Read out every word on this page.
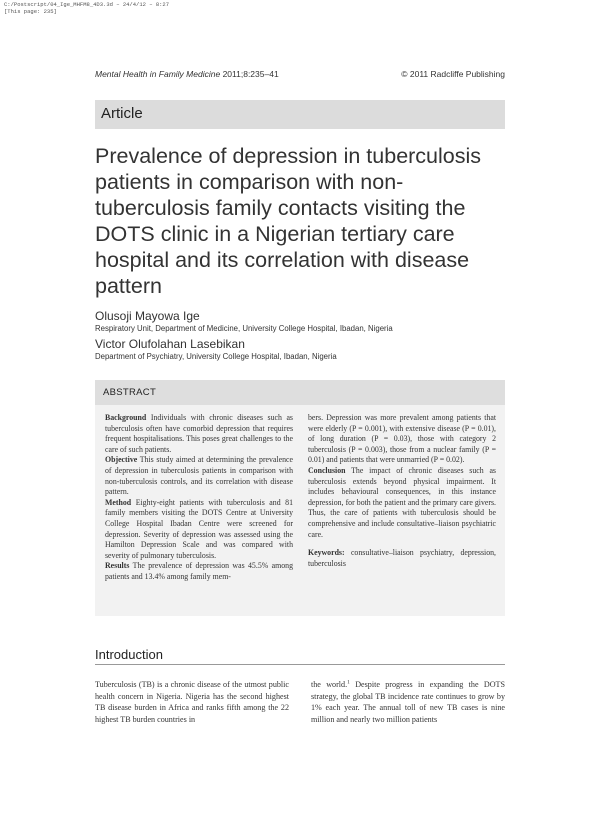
C:/Postscript/04_Ige_MHFM8_4D3.3d – 24/4/12 – 8:27
[This page: 235]
Mental Health in Family Medicine 2011;8:235–41	© 2011 Radcliffe Publishing
Article
Prevalence of depression in tuberculosis patients in comparison with non-tuberculosis family contacts visiting the DOTS clinic in a Nigerian tertiary care hospital and its correlation with disease pattern
Olusoji Mayowa Ige
Respiratory Unit, Department of Medicine, University College Hospital, Ibadan, Nigeria
Victor Olufolahan Lasebikan
Department of Psychiatry, University College Hospital, Ibadan, Nigeria
ABSTRACT

Background Individuals with chronic diseases such as tuberculosis often have comorbid depression that requires frequent hospitalisations. This poses great challenges to the care of such patients.

Objective This study aimed at determining the prevalence of depression in tuberculosis patients in comparison with non-tuberculosis controls, and its correlation with disease pattern.

Method Eighty-eight patients with tuberculosis and 81 family members visiting the DOTS Centre at University College Hospital Ibadan Centre were screened for depression. Severity of depression was assessed using the Hamilton Depression Scale and was compared with severity of pulmonary tuberculosis.

Results The prevalence of depression was 45.5% among patients and 13.4% among family mem-

bers. Depression was more prevalent among patients that were elderly (P = 0.001), with extensive disease (P = 0.01), of long duration (P = 0.03), those with category 2 tuberculosis (P = 0.003), those from a nuclear family (P = 0.01) and patients that were unmarried (P = 0.02).

Conclusion The impact of chronic diseases such as tuberculosis extends beyond physical impairment. It includes behavioural consequences, in this instance depression, for both the patient and the primary care givers. Thus, the care of patients with tuberculosis should be comprehensive and include consultative–liaison psychiatric care.

Keywords: consultative–liaison psychiatry, depression, tuberculosis

Introduction

Tuberculosis (TB) is a chronic disease of the utmost public health concern in Nigeria. Nigeria has the second highest TB disease burden in Africa and ranks fifth among the 22 highest TB burden countries in

the world.$^1$ Despite progress in expanding the DOTS strategy, the global TB incidence rate continues to grow by 1% each year. The annual toll of new TB cases is nine million and nearly two million patients
